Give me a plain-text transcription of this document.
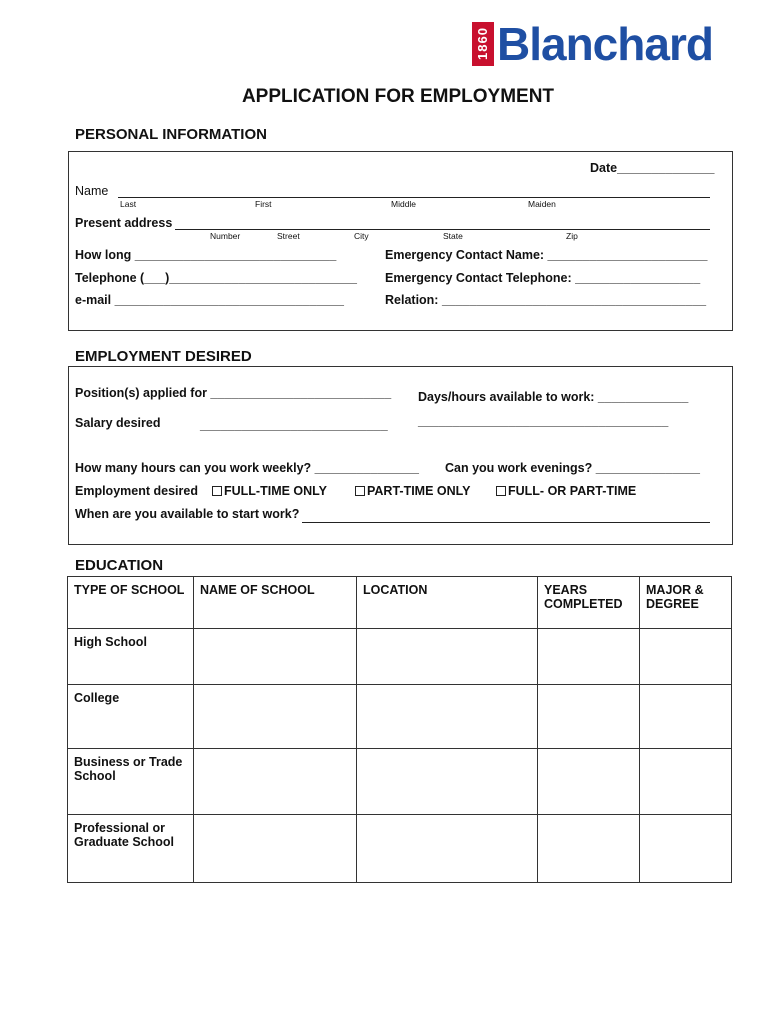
1860 Blanchard
APPLICATION FOR EMPLOYMENT
PERSONAL INFORMATION
Date______________
Name
Last	First	Middle	Maiden
Present address
Number	Street	City	State	Zip
How long _____________________________
Telephone (___)___________________________
e-mail _________________________________
Emergency Contact Name: _______________________
Emergency Contact Telephone: __________________
Relation: ______________________________________
EMPLOYMENT DESIRED
Position(s) applied for __________________________
Salary desired	___________________________
Days/hours available to work: _____________
____________________________________
How many hours can you work weekly? _______________ Can you work evenings? _______________
Employment desired	FULL-TIME ONLY	PART-TIME ONLY	FULL- OR PART-TIME
When are you available to start work?
EDUCATION
TYPE OF SCHOOL	NAME OF SCHOOL	LOCATION	YEARS COMPLETED	MAJOR & DEGREE
High School				
College				
Business or Trade School				
Professional or Graduate School				
